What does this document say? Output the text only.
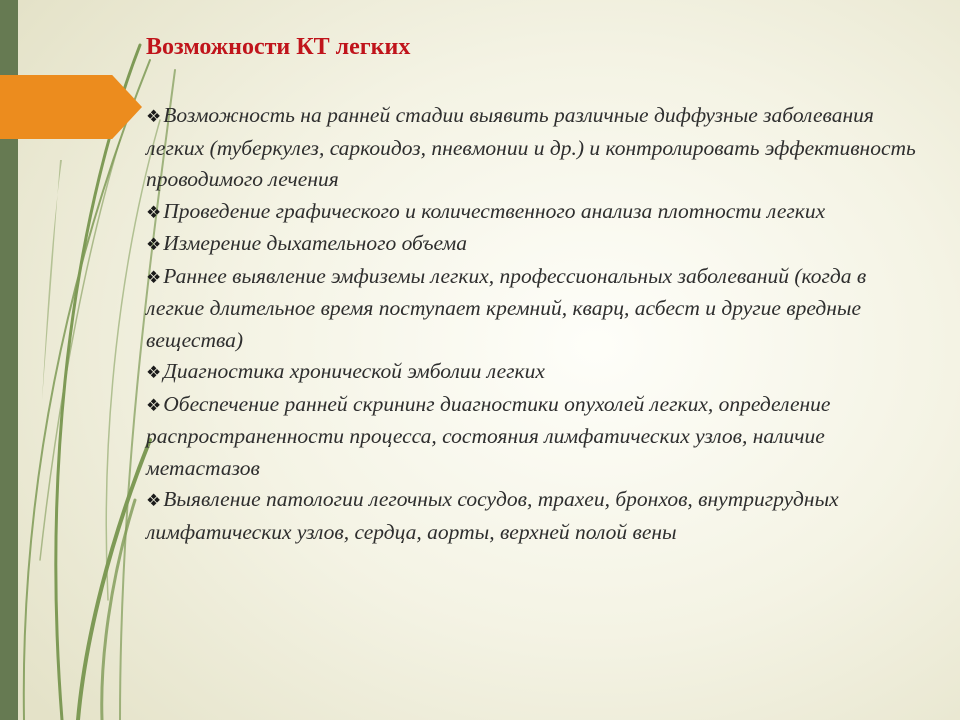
Возможности КТ легких
❖Возможность на ранней стадии выявить различные диффузные заболевания легких (туберкулез, саркоидоз, пневмонии и др.) и контролировать эффективность проводимого лечения
❖Проведение графического и количественного анализа плотности легких
❖Измерение дыхательного объема
❖Раннее выявление эмфиземы легких, профессиональных заболеваний (когда в легкие длительное время поступает кремний, кварц, асбест и другие вредные вещества)
❖Диагностика хронической эмболии легких
❖Обеспечение ранней скрининг диагностики опухолей легких, определение распространенности процесса, состояния лимфатических узлов, наличие метастазов
❖Выявление патологии легочных сосудов, трахеи, бронхов, внутригрудных лимфатических узлов, сердца, аорты, верхней полой вены
